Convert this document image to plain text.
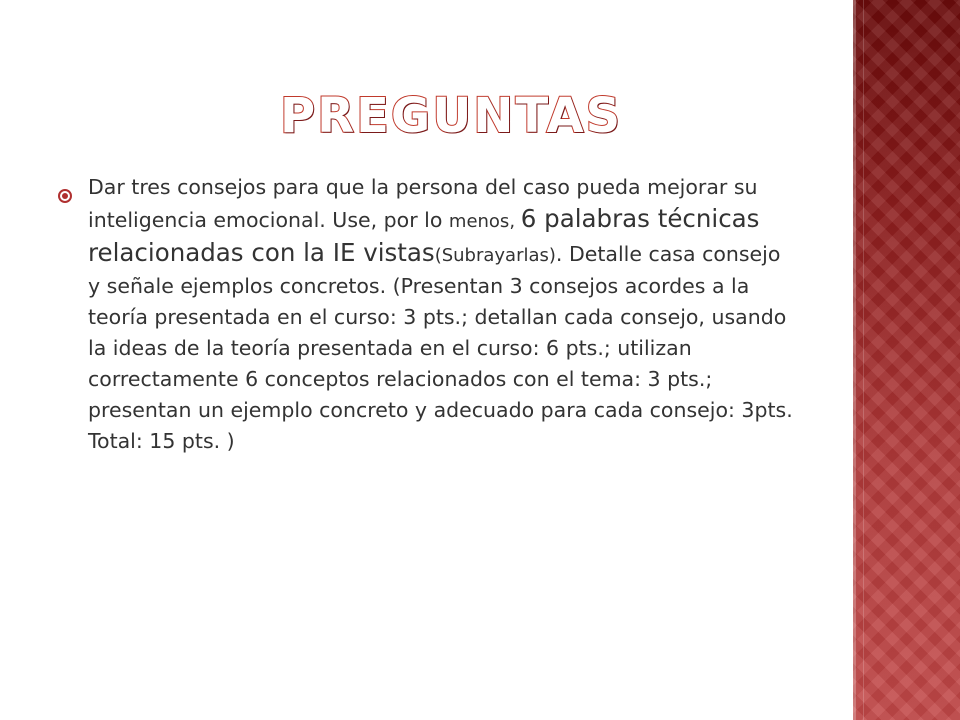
PREGUNTAS
Dar tres consejos para que la persona del caso pueda mejorar su inteligencia emocional. Use, por lo menos, 6 palabras técnicas relacionadas con la IE vistas(Subrayarlas). Detalle casa consejo y señale ejemplos concretos. (Presentan 3 consejos acordes a la teoría presentada en el curso: 3 pts.; detallan cada consejo, usando la ideas de la teoría presentada en el curso: 6 pts.; utilizan correctamente 6 conceptos relacionados con el tema: 3 pts.; presentan un ejemplo concreto y adecuado para cada consejo: 3pts. Total: 15 pts. )
